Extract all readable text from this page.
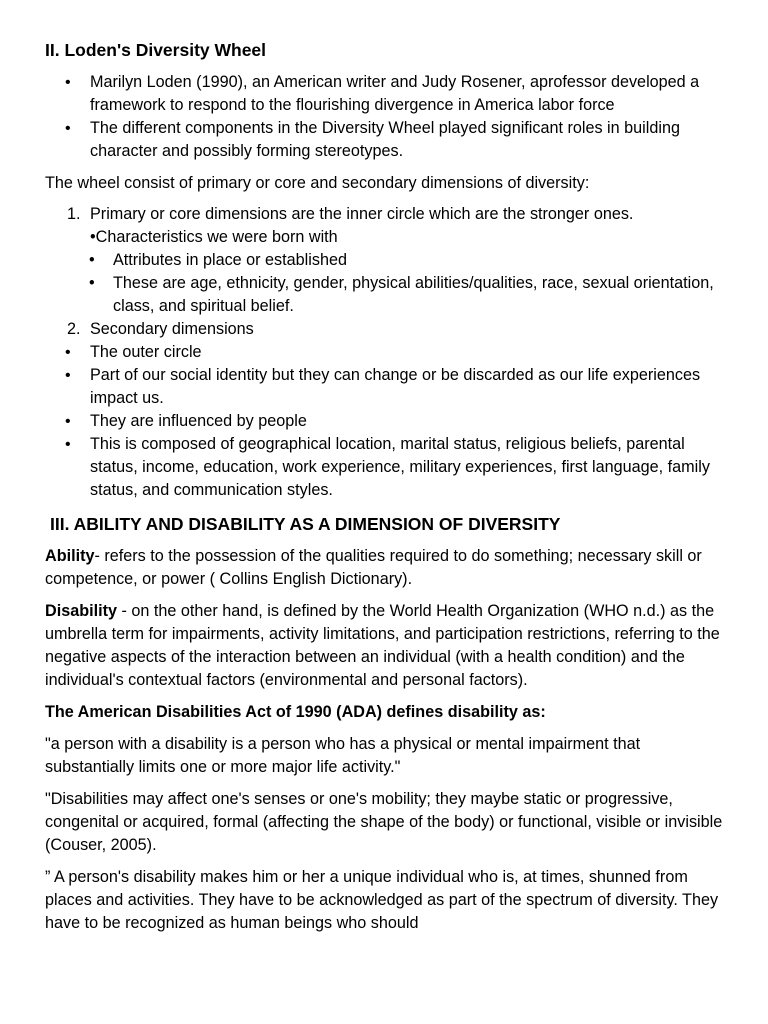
II. Loden's Diversity Wheel
• Marilyn Loden (1990), an American writer and Judy Rosener, aprofessor developed a framework to respond to the flourishing divergence in America labor force
• The different components in the Diversity Wheel played significant roles in building character and possibly forming stereotypes.

The wheel consist of primary or core and secondary dimensions of diversity:

1. Primary or core dimensions are the inner circle which are the stronger ones.
•Characteristics we were born with
• Attributes in place or established
• These are age, ethnicity, gender, physical abilities/qualities, race, sexual orientation, class, and spiritual belief.
2. Secondary dimensions
• The outer circle
• Part of our social identity but they can change or be discarded as our life experiences impact us.
• They are influenced by people
• This is composed of geographical location, marital status, religious beliefs, parental status, income, education, work experience, military experiences, first language, family status, and communication styles.
III. ABILITY AND DISABILITY AS A DIMENSION OF DIVERSITY

Ability- refers to the possession of the qualities required to do something; necessary skill or competence, or power ( Collins English Dictionary).

Disability - on the other hand, is defined by the World Health Organization (WHO n.d.) as the umbrella term for impairments, activity limitations, and participation restrictions, referring to the negative aspects of the interaction between an individual (with a health condition) and the individual's contextual factors (environmental and personal factors).

The American Disabilities Act of 1990 (ADA) defines disability as:

"a person with a disability is a person who has a physical or mental impairment that substantially limits one or more major life activity."

"Disabilities may affect one's senses or one's mobility; they maybe static or progressive, congenital or acquired, formal (affecting the shape of the body) or functional, visible or invisible (Couser, 2005).

” A person's disability makes him or her a unique individual who is, at times, shunned from places and activities. They have to be acknowledged as part of the spectrum of diversity. They have to be recognized as human beings who should
